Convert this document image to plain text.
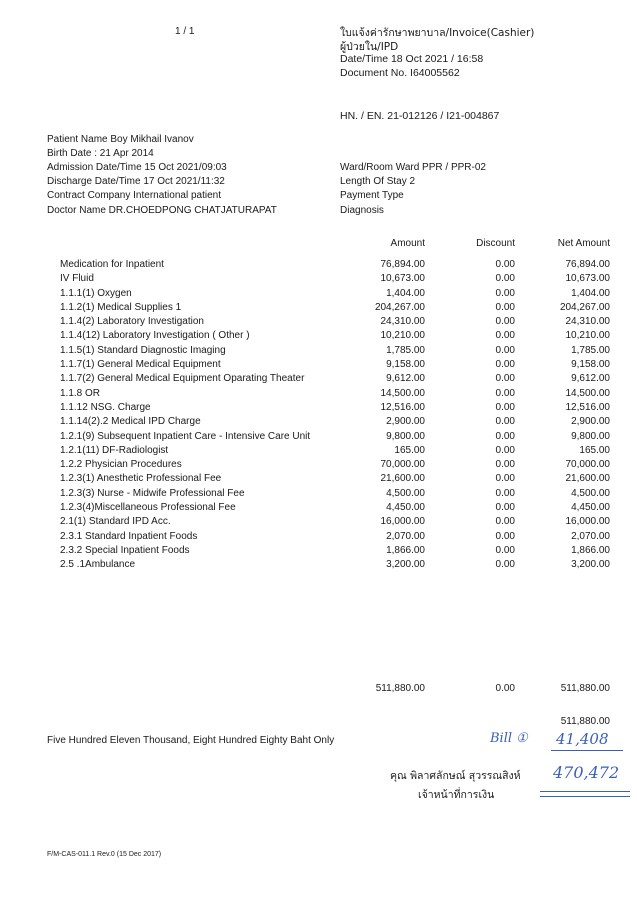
1 / 1	ใบแจ้งค่ารักษาพยาบาล/Invoice(Cashier)
ผู้ป่วยใน/IPD
Date/Time 18 Oct 2021 / 16:58
Document No. I64005562
HN. / EN. 21-012126 / I21-004867
Patient Name Boy Mikhail Ivanov
Birth Date : 21 Apr 2014
Admission Date/Time 15 Oct 2021/09:03
Discharge Date/Time 17 Oct 2021/11:32
Contract Company International patient
Doctor Name DR.CHOEDPONG CHATJATURAPAT
Ward/Room Ward PPR / PPR-02
Length Of Stay 2
Payment Type
Diagnosis
Amount	Discount	Net Amount
Medication for Inpatient	76,894.00	0.00	76,894.00
IV Fluid	10,673.00	0.00	10,673.00
1.1.1(1) Oxygen	1,404.00	0.00	1,404.00
1.1.2(1) Medical Supplies 1	204,267.00	0.00	204,267.00
1.1.4(2) Laboratory Investigation	24,310.00	0.00	24,310.00
1.1.4(12) Laboratory Investigation ( Other )	10,210.00	0.00	10,210.00
1.1.5(1) Standard Diagnostic Imaging	1,785.00	0.00	1,785.00
1.1.7(1) General Medical Equipment	9,158.00	0.00	9,158.00
1.1.7(2) General Medical Equipment Oparating Theater	9,612.00	0.00	9,612.00
1.1.8 OR	14,500.00	0.00	14,500.00
1.1.12 NSG. Charge	12,516.00	0.00	12,516.00
1.1.14(2).2 Medical IPD Charge	2,900.00	0.00	2,900.00
1.2.1(9) Subsequent Inpatient Care - Intensive Care Unit	9,800.00	0.00	9,800.00
1.2.1(11) DF-Radiologist	165.00	0.00	165.00
1.2.2 Physician Procedures	70,000.00	0.00	70,000.00
1.2.3(1) Anesthetic Professional Fee	21,600.00	0.00	21,600.00
1.2.3(3) Nurse - Midwife Professional Fee	4,500.00	0.00	4,500.00
1.2.3(4)Miscellaneous Professional Fee	4,450.00	0.00	4,450.00
2.1(1) Standard IPD Acc.	16,000.00	0.00	16,000.00
2.3.1 Standard Inpatient Foods	2,070.00	0.00	2,070.00
2.3.2 Special Inpatient Foods	1,866.00	0.00	1,866.00
2.5 .1Ambulance	3,200.00	0.00	3,200.00
511,880.00	0.00	511,880.00
511,880.00
Five Hundred Eleven Thousand, Eight Hundred Eighty Baht Only	Bill ① 41,408
470,472
คุณ พิลาศลักษณ์ สุวรรณสิงห์
เจ้าหน้าที่การเงิน
F/M-CAS-011.1 Rev.0 (15 Dec 2017)
